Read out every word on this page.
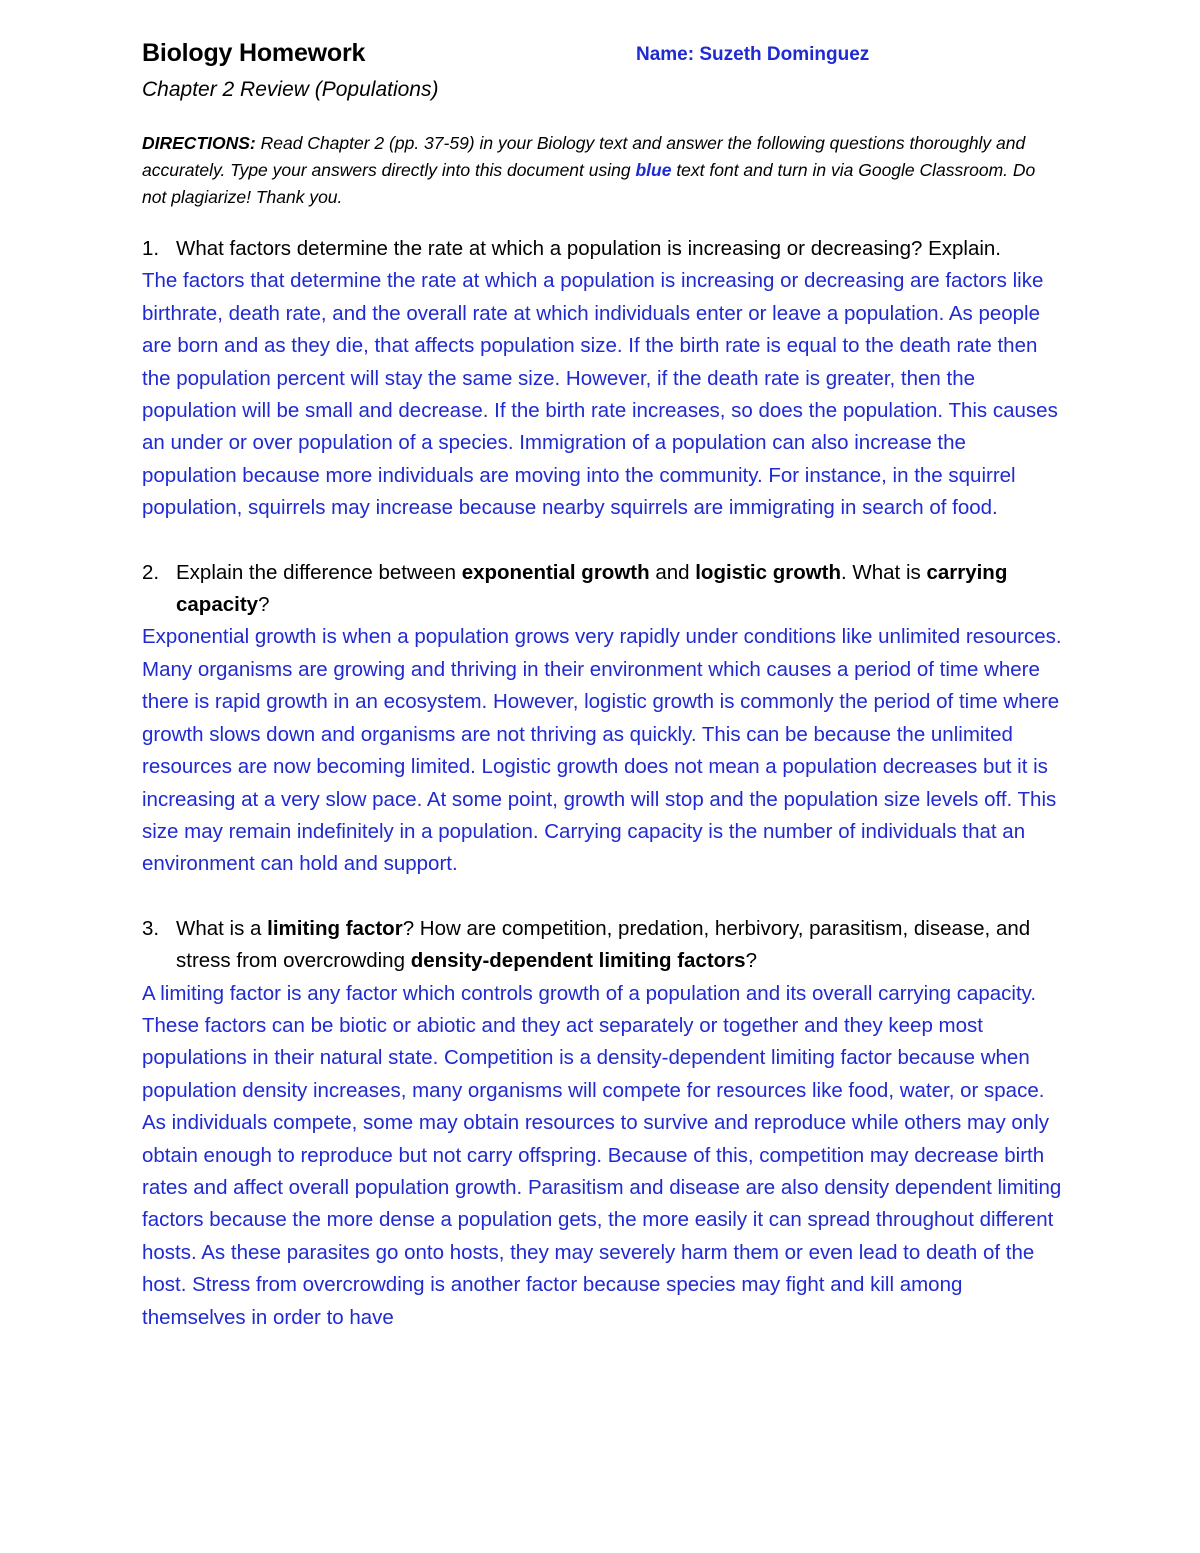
Biology Homework	Name: Suzeth Dominguez
Chapter 2 Review (Populations)
DIRECTIONS: Read Chapter 2 (pp. 37-59) in your Biology text and answer the following questions thoroughly and accurately. Type your answers directly into this document using blue text font and turn in via Google Classroom. Do not plagiarize! Thank you.
1. What factors determine the rate at which a population is increasing or decreasing? Explain.
The factors that determine the rate at which a population is increasing or decreasing are factors like birthrate, death rate, and the overall rate at which individuals enter or leave a population. As people are born and as they die, that affects population size. If the birth rate is equal to the death rate then the population percent will stay the same size. However, if the death rate is greater, then the population will be small and decrease. If the birth rate increases, so does the population. This causes an under or over population of a species. Immigration of a population can also increase the population because more individuals are moving into the community. For instance, in the squirrel population, squirrels may increase because nearby squirrels are immigrating in search of food.
2. Explain the difference between exponential growth and logistic growth. What is carrying capacity?
Exponential growth is when a population grows very rapidly under conditions like unlimited resources. Many organisms are growing and thriving in their environment which causes a period of time where there is rapid growth in an ecosystem. However, logistic growth is commonly the period of time where growth slows down and organisms are not thriving as quickly. This can be because the unlimited resources are now becoming limited. Logistic growth does not mean a population decreases but it is increasing at a very slow pace. At some point, growth will stop and the population size levels off. This size may remain indefinitely in a population. Carrying capacity is the number of individuals that an environment can hold and support.
3. What is a limiting factor? How are competition, predation, herbivory, parasitism, disease, and stress from overcrowding density-dependent limiting factors?
A limiting factor is any factor which controls growth of a population and its overall carrying capacity. These factors can be biotic or abiotic and they act separately or together and they keep most populations in their natural state. Competition is a density-dependent limiting factor because when population density increases, many organisms will compete for resources like food, water, or space. As individuals compete, some may obtain resources to survive and reproduce while others may only obtain enough to reproduce but not carry offspring. Because of this, competition may decrease birth rates and affect overall population growth. Parasitism and disease are also density dependent limiting factors because the more dense a population gets, the more easily it can spread throughout different hosts. As these parasites go onto hosts, they may severely harm them or even lead to death of the host. Stress from overcrowding is another factor because species may fight and kill among themselves in order to have
